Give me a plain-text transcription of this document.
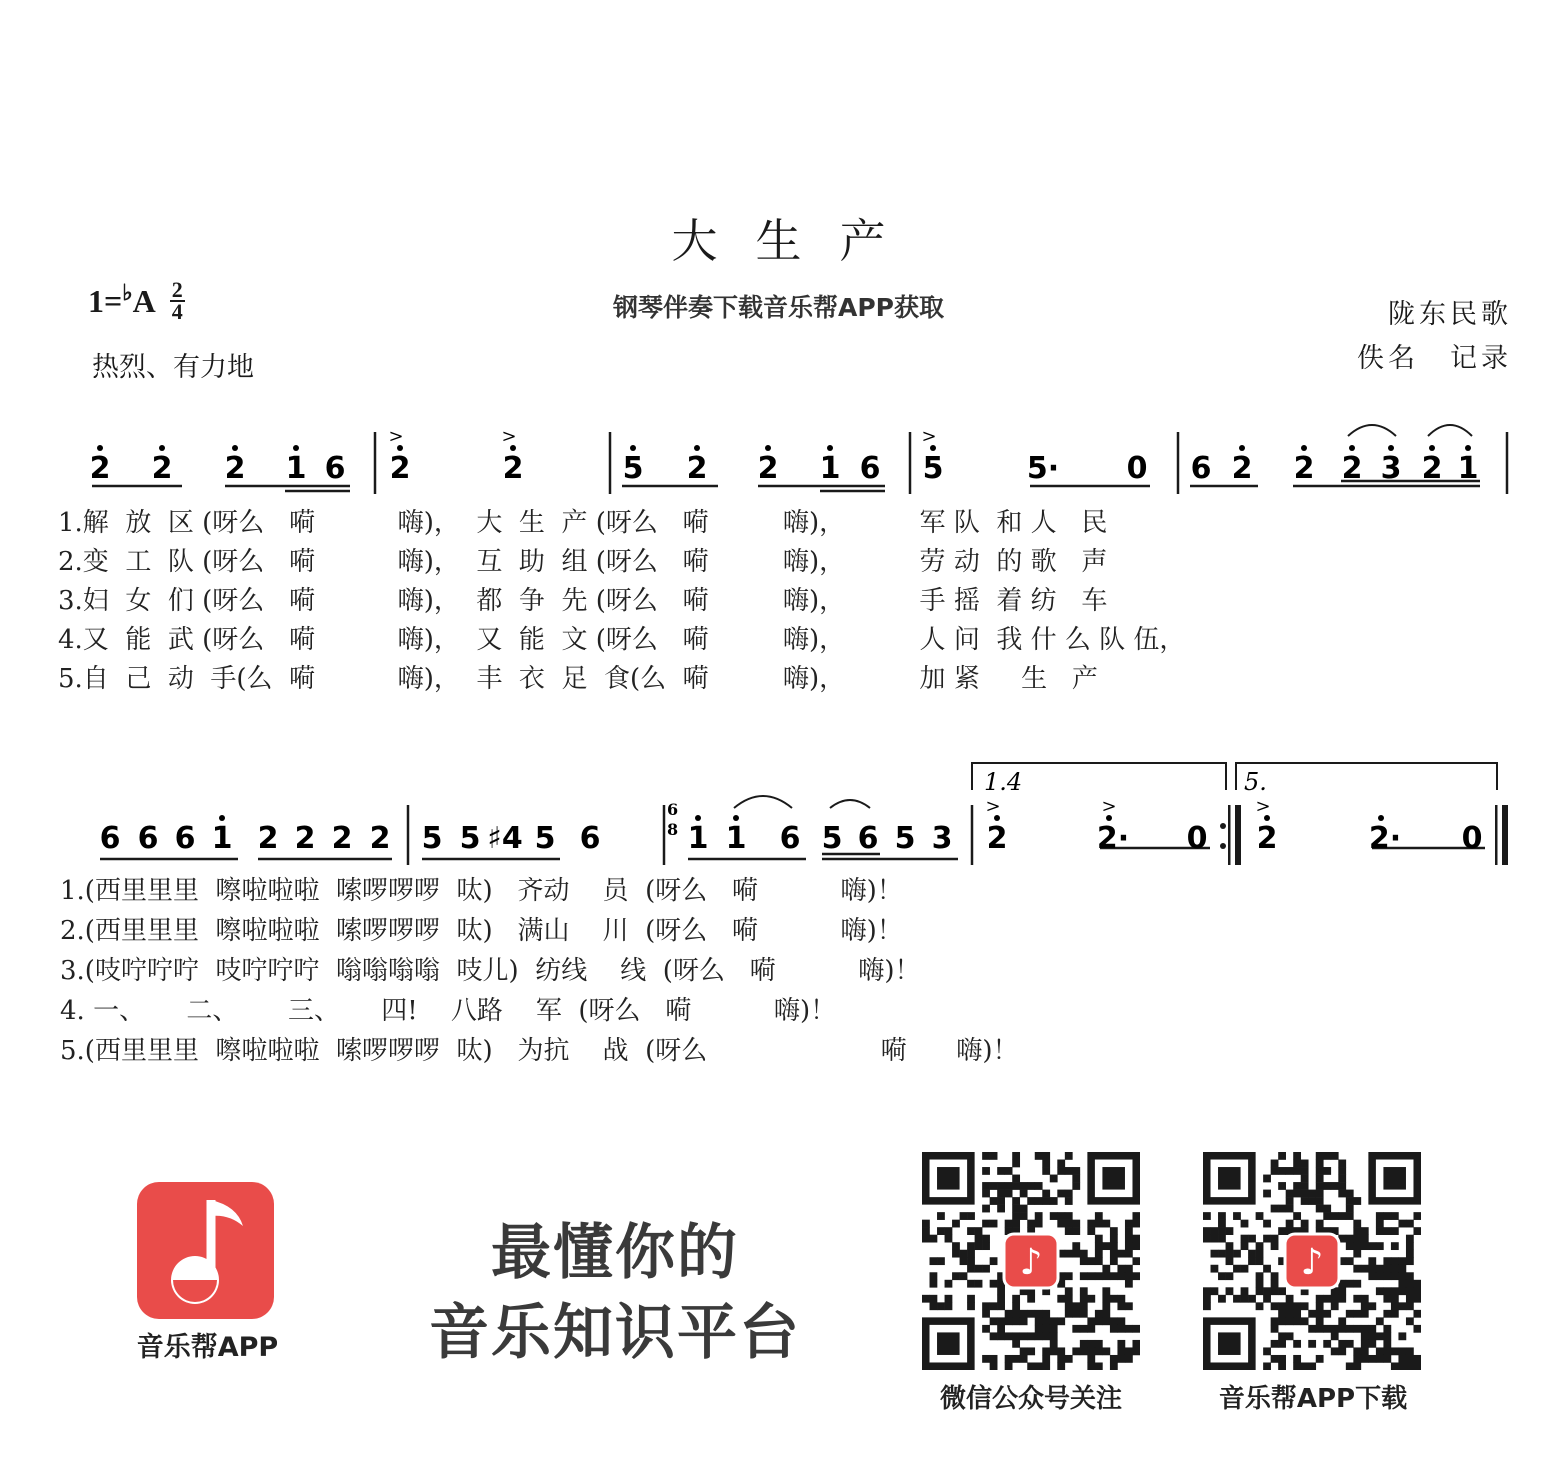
大生产
钢琴伴奏下载音乐帮APP获取
1= ♭ A $\frac{2}{4}$
热烈、有力地
陇东民歌
佚名　记录
2 2 2 1 6 2
>
2
>
5 2 2 1 6 5
>
5· 0 6 2 2 2 3 2 1
1.解  放  区 (呀么   嗬          嗨)，  大  生  产 (呀么   嗬         嗨)，         军 队  和 人   民
2.变  工  队 (呀么   嗬          嗨)，  互  助  组 (呀么   嗬         嗨)，         劳 动  的 歌   声
3.妇  女  们 (呀么   嗬          嗨)，  都  争  先 (呀么   嗬         嗨)，         手 摇  着 纺   车
4.又  能  武 (呀么   嗬          嗨)，  又  能  文 (呀么   嗬         嗨)，         人 问  我 什 么 队 伍，
5.自  己  动  手(么  嗬          嗨)，  丰  衣  足  食(么  嗬         嗨)，         加 紧     生   产
1.4	5.
6
8
6 6 6 1 2 2 2 2 5 5 ♯4 5 6	1 1 6 5 6 5 3 2
>
2·
>
0 2
>
2· 0
1.(西里里里  嚓啦啦啦  嗦啰啰啰  呔)   齐动    员  (呀么   嗬          嗨)！
2.(西里里里  嚓啦啦啦  嗦啰啰啰  呔)   满山    川  (呀么   嗬          嗨)！
3.(吱咛咛咛  吱咛咛咛  嗡嗡嗡嗡  吱儿)  纺线    线  (呀么   嗬          嗨)！
4. 一、     二、      三、     四!    八路    军  (呀么   嗬          嗨)！
5.(西里里里  嚓啦啦啦  嗦啰啰啰  呔)   为抗    战  (呀么                     嗬      嗨)！
音乐帮APP
最懂你的
音乐知识平台
♪
微信公众号关注
♪
音乐帮APP下载
